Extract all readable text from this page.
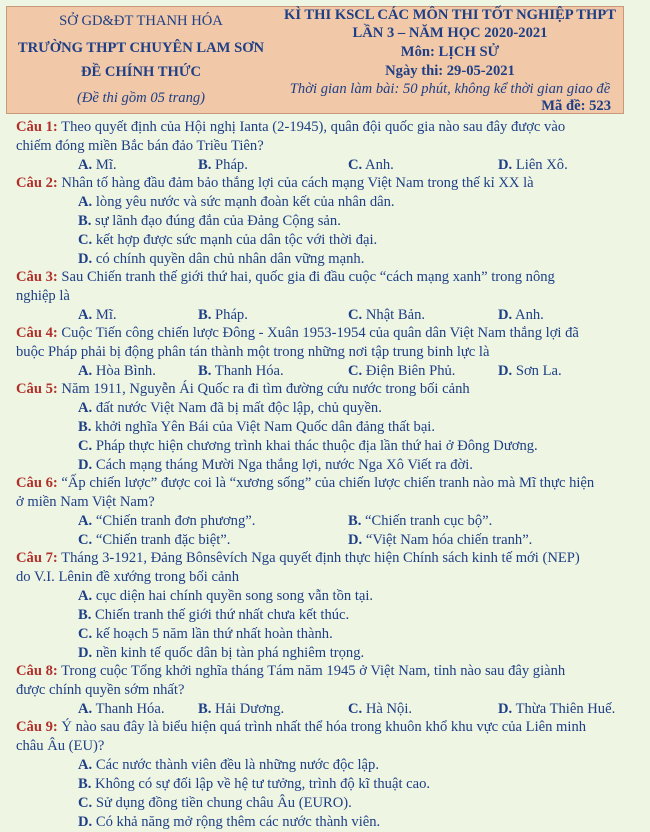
SỞ GD&ĐT THANH HÓA
TRƯỜNG THPT CHUYÊN LAM SƠN
ĐỀ CHÍNH THỨC
(Đề thi gồm 05 trang)
KÌ THI KSCL CÁC MÔN THI TỐT NGHIỆP THPT
LẦN 3 – NĂM HỌC 2020-2021
Môn: LỊCH SỬ
Ngày thi: 29-05-2021
Thời gian làm bài: 50 phút, không kể thời gian giao đề
Mã đề: 523
Câu 1: Theo quyết định của Hội nghị Ianta (2-1945), quân đội quốc gia nào sau đây được vào
chiếm đóng miền Bắc bán đảo Triều Tiên?
A. Mĩ.	B. Pháp.	C. Anh.	D. Liên Xô.
Câu 2: Nhân tố hàng đầu đảm bảo thắng lợi của cách mạng Việt Nam trong thế kỉ XX là
A. lòng yêu nước và sức mạnh đoàn kết của nhân dân.
B. sự lãnh đạo đúng đắn của Đảng Cộng sản.
C. kết hợp được sức mạnh của dân tộc với thời đại.
D. có chính quyền dân chủ nhân dân vững mạnh.
Câu 3: Sau Chiến tranh thế giới thứ hai, quốc gia đi đầu cuộc “cách mạng xanh” trong nông
nghiệp là
A. Mĩ.	B. Pháp.	C. Nhật Bản.	D. Anh.
Câu 4: Cuộc Tiến công chiến lược Đông - Xuân 1953-1954 của quân dân Việt Nam thắng lợi đã
buộc Pháp phải bị động phân tán thành một trong những nơi tập trung binh lực là
A. Hòa Bình.	B. Thanh Hóa.	C. Điện Biên Phủ.	D. Sơn La.
Câu 5: Năm 1911, Nguyễn Ái Quốc ra đi tìm đường cứu nước trong bối cảnh
A. đất nước Việt Nam đã bị mất độc lập, chủ quyền.
B. khởi nghĩa Yên Bái của Việt Nam Quốc dân đảng thất bại.
C. Pháp thực hiện chương trình khai thác thuộc địa lần thứ hai ở Đông Dương.
D. Cách mạng tháng Mười Nga thắng lợi, nước Nga Xô Viết ra đời.
Câu 6: “Ấp chiến lược” được coi là “xương sống” của chiến lược chiến tranh nào mà Mĩ thực hiện
ở miền Nam Việt Nam?
A. “Chiến tranh đơn phương”.	B. “Chiến tranh cục bộ”.
C. “Chiến tranh đặc biệt”.	D. “Việt Nam hóa chiến tranh”.
Câu 7: Tháng 3-1921, Đảng Bônsêvích Nga quyết định thực hiện Chính sách kinh tế mới (NEP)
do V.I. Lênin đề xướng trong bối cảnh
A. cục diện hai chính quyền song song vẫn tồn tại.
B. Chiến tranh thế giới thứ nhất chưa kết thúc.
C. kế hoạch 5 năm lần thứ nhất hoàn thành.
D. nền kinh tế quốc dân bị tàn phá nghiêm trọng.
Câu 8: Trong cuộc Tổng khởi nghĩa tháng Tám năm 1945 ở Việt Nam, tỉnh nào sau đây giành
được chính quyền sớm nhất?
A. Thanh Hóa. B. Hải Dương.	C. Hà Nội.	D. Thừa Thiên Huế.
Câu 9: Ý nào sau đây là biểu hiện quá trình nhất thể hóa trong khuôn khổ khu vực của Liên minh
châu Âu (EU)?
A. Các nước thành viên đều là những nước độc lập.
B. Không có sự đối lập về hệ tư tưởng, trình độ kĩ thuật cao.
C. Sử dụng đồng tiền chung châu Âu (EURO).
D. Có khả năng mở rộng thêm các nước thành viên.
